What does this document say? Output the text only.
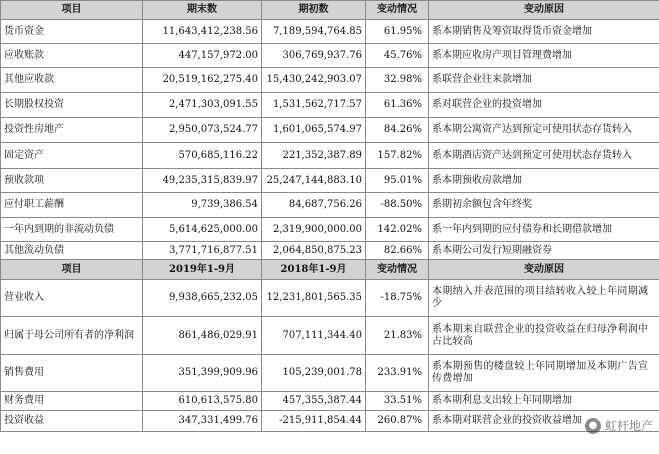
项目	期末数	期初数	变动情况	变动原因
货币资金	11,643,412,238.56	7,189,594,764.85	61.95%	系本期销售及筹资取得货币资金增加
应收账款	447,157,972.00	306,769,937.76	45.76%	系本期应收房产项目管理费增加
其他应收款	20,519,162,275.40	15,430,242,903.07	32.98%	系联营企业往来款增加
长期股权投资	2,471,303,091.55	1,531,562,717.57	61.36%	系对联营企业的投资增加
投资性房地产	2,950,073,524.77	1,601,065,574.97	84.26%	系本期公寓资产达到预定可使用状态存货转入
固定资产	570,685,116.22	221,352,387.89	157.82%	系本期酒店资产达到预定可使用状态存货转入
预收款项	49,235,315,839.97	25,247,144,883.10	95.01%	系本期预收房款增加
应付职工薪酬	9,739,386.54	84,687,756.26	-88.50%	系期初余额包含年终奖
一年内到期的非流动负债	5,614,625,000.00	2,319,900,000.00	142.02%	系一年内到期的应付债券和长期借款增加
其他流动负债	3,771,716,877.51	2,064,850,875.23	82.66%	系本期公司发行短期融资券
项目	2019年1-9月	2018年1-9月	变动情况	变动原因
营业收入	9,938,665,232.05	12,231,801,565.35	-18.75%	本期纳入并表范围的项目结转收入较上年同期减少
归属于母公司所有者的净利润	861,486,029.91	707,111,344.40	21.83%	系本期来自联营企业的投资收益在归母净利润中占比较高
销售费用	351,399,909.96	105,239,001.78	233.91%	系本期预售的楼盘较上年同期增加及本期广告宣传费增加
财务费用	610,613,575.80	457,355,387.44	33.51%	系本期利息支出较上年同期增加
投资收益	347,331,499.76	-215,911,854.44	260.87%	系本期对联营企业的投资收益增加 ● 虹杆地产
